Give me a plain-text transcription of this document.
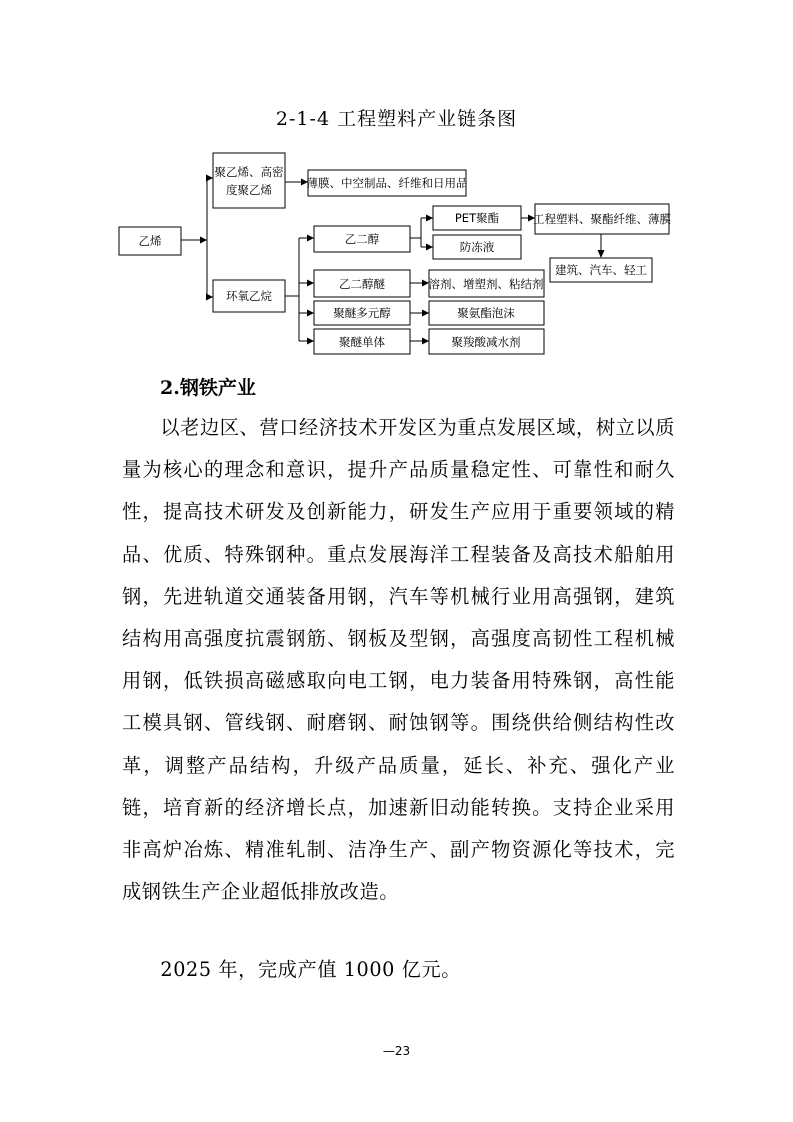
2-1-4 工程塑料产业链条图
乙烯
聚乙烯、高密
度聚乙烯	薄膜、中空制品、纤维和日用品
环氧乙烷
乙二醇
PET聚酯	工程塑料、聚酯纤维、薄膜
防冻液
建筑、汽车、轻工
乙二醇醚	溶剂、增塑剂、粘结剂
聚醚多元醇	聚氨酯泡沫
聚醚单体	聚羧酸减水剂
2.钢铁产业

以老边区、营口经济技术开发区为重点发展区域，树立以质量为核心的理念和意识，提升产品质量稳定性、可靠性和耐久性，提高技术研发及创新能力，研发生产应用于重要领域的精品、优质、特殊钢种。重点发展海洋工程装备及高技术船舶用钢，先进轨道交通装备用钢，汽车等机械行业用高强钢，建筑结构用高强度抗震钢筋、钢板及型钢，高强度高韧性工程机械用钢，低铁损高磁感取向电工钢，电力装备用特殊钢，高性能工模具钢、管线钢、耐磨钢、耐蚀钢等。围绕供给侧结构性改革，调整产品结构，升级产品质量，延长、补充、强化产业链，培育新的经济增长点，加速新旧动能转换。支持企业采用非高炉冶炼、精准轧制、洁净生产、副产物资源化等技术，完成钢铁生产企业超低排放改造。

2025 年，完成产值 1000 亿元。

—23
